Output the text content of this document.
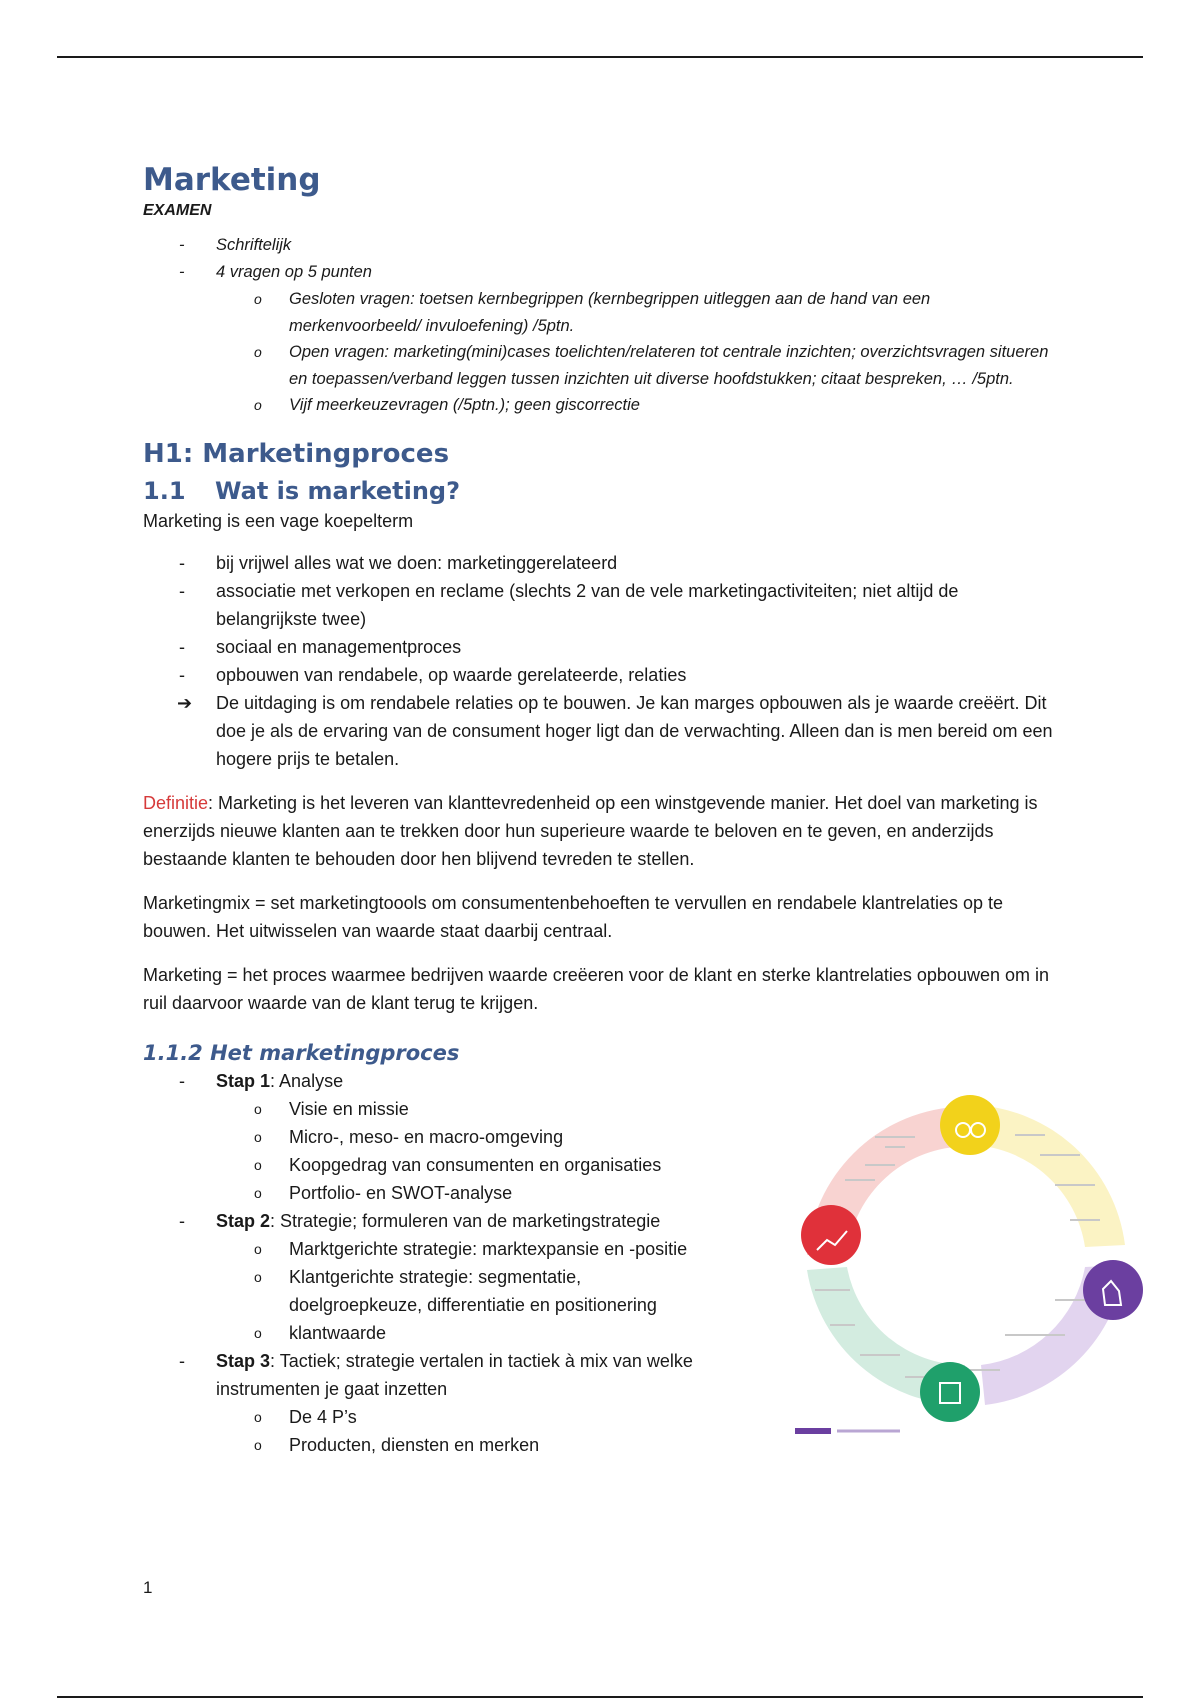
Marketing
EXAMEN
- Schriftelijk
- 4 vragen op 5 punten
o Gesloten vragen: toetsen kernbegrippen (kernbegrippen uitleggen aan de hand van een merkenvoorbeeld/ invuloefening) /5ptn.
o Open vragen: marketing(mini)cases toelichten/relateren tot centrale inzichten; overzichtsvragen situeren en toepassen/verband leggen tussen inzichten uit diverse hoofdstukken; citaat bespreken, … /5ptn.
o Vijf meerkeuzevragen (/5ptn.); geen giscorrectie
H1: Marketingproces
1.1 Wat is marketing?

Marketing is een vage koepelterm

- bij vrijwel alles wat we doen: marketinggerelateerd
- associatie met verkopen en reclame (slechts 2 van de vele marketingactiviteiten; niet altijd de belangrijkste twee)
- sociaal en managementproces
- opbouwen van rendabele, op waarde gerelateerde, relaties
➔ De uitdaging is om rendabele relaties op te bouwen. Je kan marges opbouwen als je waarde creëërt. Dit doe je als de ervaring van de consument hoger ligt dan de verwachting. Alleen dan is men bereid om een hogere prijs te betalen.

Definitie: Marketing is het leveren van klanttevredenheid op een winstgevende manier. Het doel van marketing is enerzijds nieuwe klanten aan te trekken door hun superieure waarde te beloven en te geven, en anderzijds bestaande klanten te behouden door hen blijvend tevreden te stellen.

Marketingmix = set marketingtoools om consumentenbehoeften te vervullen en rendabele klantrelaties op te bouwen. Het uitwisselen van waarde staat daarbij centraal.

Marketing = het proces waarmee bedrijven waarde creëeren voor de klant en sterke klantrelaties opbouwen om in ruil daarvoor waarde van de klant terug te krijgen.

1.1.2 Het marketingproces
- Stap 1: Analyse
o Visie en missie
o Micro-, meso- en macro-omgeving
o Koopgedrag van consumenten en organisaties
o Portfolio- en SWOT-analyse
- Stap 2: Strategie; formuleren van de marketingstrategie
o Marktgerichte strategie: marktexpansie en -positie
o Klantgerichte strategie: segmentatie, doelgroepkeuze, differentiatie en positionering
o klantwaarde
- Stap 3: Tactiek; strategie vertalen in tactiek à mix van welke instrumenten je gaat inzetten
o De 4 P’s
o Producten, diensten en merken
1
